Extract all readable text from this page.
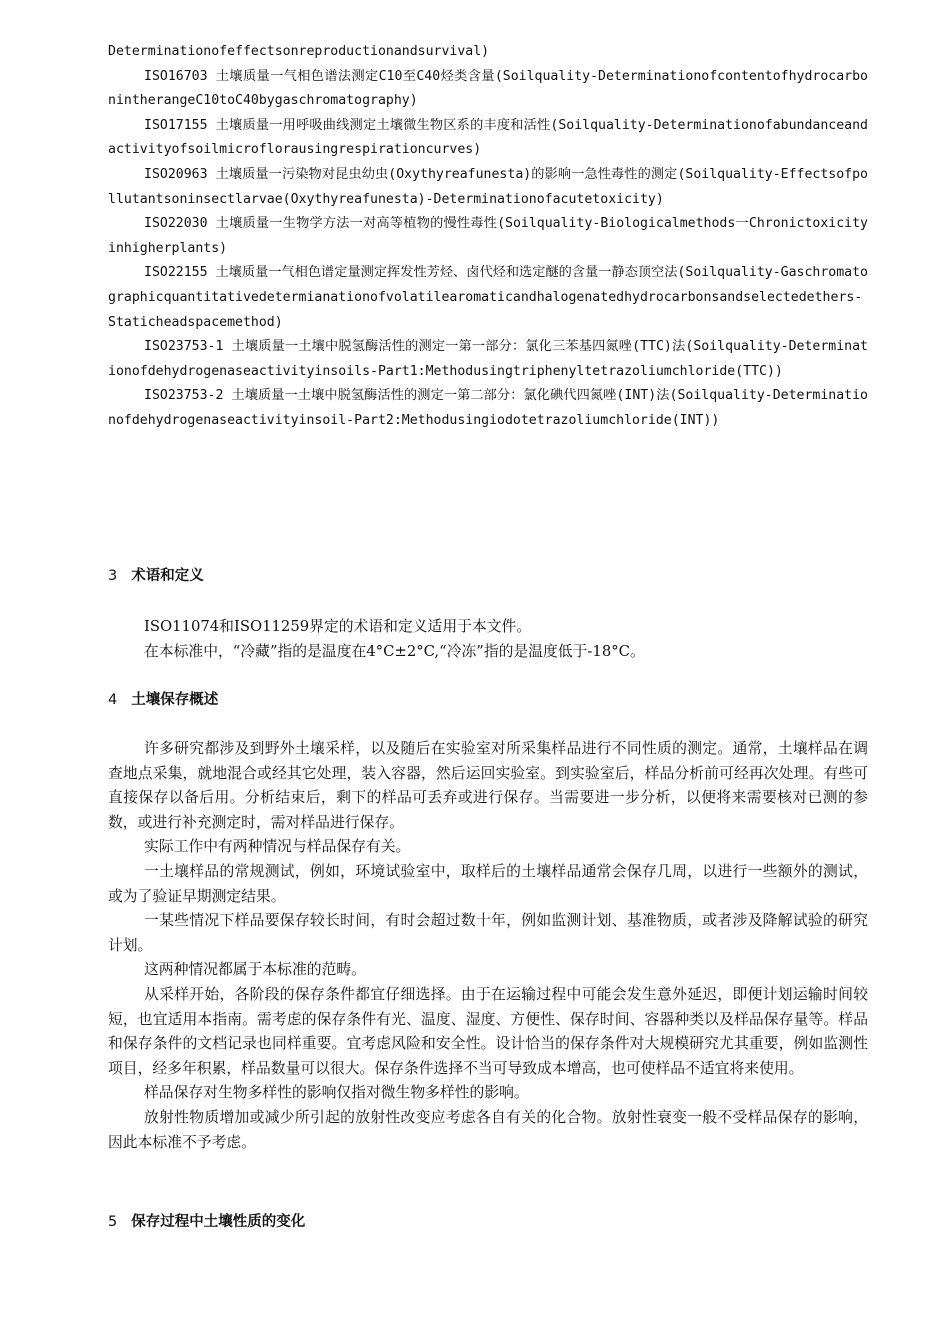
Determinationofeffectsonreproductionandsurvival)

ISO16703 土壤质量一气相色谱法测定C10至C40烃类含量(Soilquality-DeterminationofcontentofhydrocarbonintherangeC10toC40bygaschromatography)

ISO17155 土壤质量一用呼吸曲线测定土壤微生物区系的丰度和活性(Soilquality-Determinationofabundanceandactivityofsoilmicroflorausingrespirationcurves)

ISO20963 土壤质量一污染物对昆虫幼虫(Oxythyreafunesta)的影响一急性毒性的测定(Soilquality-Effectsofpollutantsoninsectlarvae(Oxythyreafunesta)-Determinationofacutetoxicity)

ISO22030 土壤质量一生物学方法一对高等植物的慢性毒性(Soilquality-Biologicalmethods一Chronictoxicityinhigherplants)

ISO22155 土壤质量一气相色谱定量测定挥发性芳烃、卤代烃和选定醚的含量一静态顶空法(Soilquality-Gaschromatographicquantitativedetermianationofvolatilearomaticandhalogenatedhydrocarbonsandselectedethers-Staticheadspacemethod)

ISO23753-1 土壤质量一土壤中脱氢酶活性的测定一第一部分：氯化三苯基四氮唑(TTC)法(Soilquality-Determinationofdehydrogenaseactivityinsoils-Part1:Methodusingtriphenyltetrazoliumchloride(TTC))

ISO23753-2 土壤质量一土壤中脱氢酶活性的测定一第二部分：氯化碘代四氮唑(INT)法(Soilquality-Determinationofdehydrogenaseactivityinsoil-Part2:Methodusingiodotetrazoliumchloride(INT))

3 术语和定义

ISO11074和ISO11259界定的术语和定义适用于本文件。

在本标准中，“冷藏”指的是温度在4°C±2°C,“冷冻”指的是温度低于-18°C。

4 土壤保存概述

许多研究都涉及到野外土壤采样，以及随后在实验室对所采集样品进行不同性质的测定。通常，土壤样品在调查地点采集，就地混合或经其它处理，装入容器，然后运回实验室。到实验室后，样品分析前可经再次处理。有些可直接保存以备后用。分析结束后，剩下的样品可丢弃或进行保存。当需要进一步分析，以便将来需要核对已测的参数，或进行补充测定时，需对样品进行保存。

实际工作中有两种情况与样品保存有关。

一土壤样品的常规测试，例如，环境试验室中，取样后的土壤样品通常会保存几周，以进行一些额外的测试，或为了验证早期测定结果。

一某些情况下样品要保存较长时间，有时会超过数十年，例如监测计划、基准物质，或者涉及降解试验的研究计划。

这两种情况都属于本标准的范畴。

从采样开始，各阶段的保存条件都宜仔细选择。由于在运输过程中可能会发生意外延迟，即便计划运输时间较短，也宜适用本指南。需考虑的保存条件有光、温度、湿度、方便性、保存时间、容器种类以及样品保存量等。样品和保存条件的文档记录也同样重要。宜考虑风险和安全性。设计恰当的保存条件对大规模研究尤其重要，例如监测性项目，经多年积累，样品数量可以很大。保存条件选择不当可导致成本增高，也可使样品不适宜将来使用。

样品保存对生物多样性的影响仅指对微生物多样性的影响。

放射性物质增加或减少所引起的放射性改变应考虑各自有关的化合物。放射性衰变一般不受样品保存的影响，因此本标准不予考虑。

5 保存过程中土壤性质的变化
